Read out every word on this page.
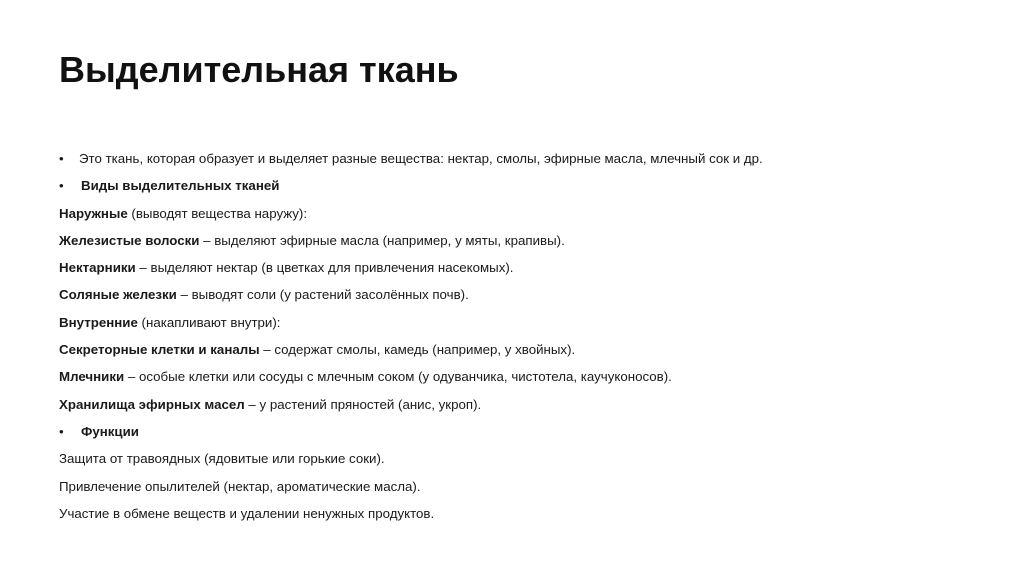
Выделительная ткань
•	Это ткань, которая образует и выделяет разные вещества: нектар, смолы, эфирные масла, млечный сок и др.
•	Виды выделительных тканей
Наружные (выводят вещества наружу):
Железистые волоски – выделяют эфирные масла (например, у мяты, крапивы).
Нектарники – выделяют нектар (в цветках для привлечения насекомых).
Соляные железки – выводят соли (у растений засолённых почв).
Внутренние (накапливают внутри):
Секреторные клетки и каналы – содержат смолы, камедь (например, у хвойных).
Млечники – особые клетки или сосуды с млечным соком (у одуванчика, чистотела, каучуконосов).
Хранилища эфирных масел – у растений пряностей (анис, укроп).
•	Функции
Защита от травоядных (ядовитые или горькие соки).
Привлечение опылителей (нектар, ароматические масла).
Участие в обмене веществ и удалении ненужных продуктов.
